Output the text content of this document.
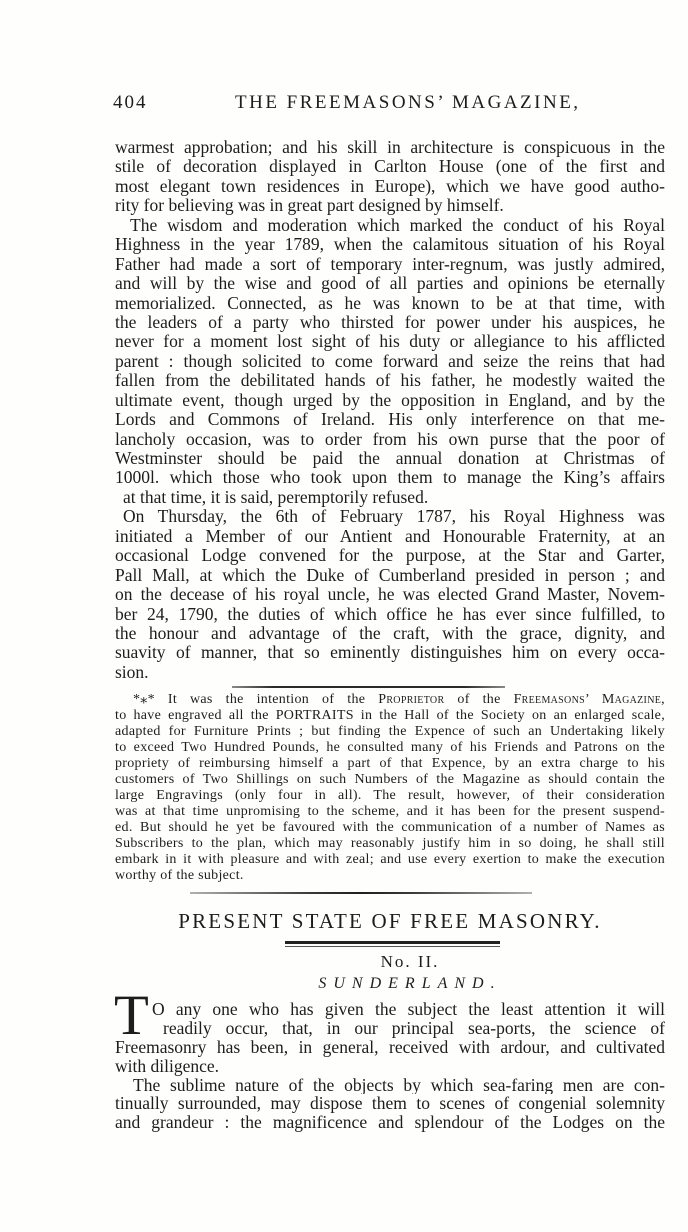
404	THE FREEMASONS’ MAGAZINE,
warmest approbation; and his skill in architecture is conspicuous in the
stile of decoration displayed in Carlton House (one of the first and
most elegant town residences in Europe), which we have good autho-
rity for believing was in great part designed by himself.
The wisdom and moderation which marked the conduct of his Royal
Highness in the year 1789, when the calamitous situation of his Royal
Father had made a sort of temporary inter-regnum, was justly admired,
and will by the wise and good of all parties and opinions be eternally
memorialized. Connected, as he was known to be at that time, with
the leaders of a party who thirsted for power under his auspices, he
never for a moment lost sight of his duty or allegiance to his afflicted
parent : though solicited to come forward and seize the reins that had
fallen from the debilitated hands of his father, he modestly waited the
ultimate event, though urged by the opposition in England, and by the
Lords and Commons of Ireland. His only interference on that me-
lancholy occasion, was to order from his own purse that the poor of
Westminster should be paid the annual donation at Christmas of
1000l. which those who took upon them to manage the King’s affairs
at that time, it is said, peremptorily refused.
On Thursday, the 6th of February 1787, his Royal Highness was
initiated a Member of our Antient and Honourable Fraternity, at an
occasional Lodge convened for the purpose, at the Star and Garter,
Pall Mall, at which the Duke of Cumberland presided in person ; and
on the decease of his royal uncle, he was elected Grand Master, Novem-
ber 24, 1790, the duties of which office he has ever since fulfilled, to
the honour and advantage of the craft, with the grace, dignity, and
suavity of manner, that so eminently distinguishes him on every occa-
sion.
*⁎* It was the intention of the Proprietor of the Freemasons’ Magazine,
to have engraved all the PORTRAITS in the Hall of the Society on an enlarged scale,
adapted for Furniture Prints ; but finding the Expence of such an Undertaking likely
to exceed Two Hundred Pounds, he consulted many of his Friends and Patrons on the
propriety of reimbursing himself a part of that Expence, by an extra charge to his
customers of Two Shillings on such Numbers of the Magazine as should contain the
large Engravings (only four in all). The result, however, of their consideration
was at that time unpromising to the scheme, and it has been for the present suspend-
ed. But should he yet be favoured with the communication of a number of Names as
Subscribers to the plan, which may reasonably justify him in so doing, he shall still
embark in it with pleasure and with zeal; and use every exertion to make the execution
worthy of the subject.
PRESENT STATE OF FREE MASONRY.
No. II.
SUNDERLAND.
T O any one who has given the subject the least attention it will
readily occur, that, in our principal sea-ports, the science of
Freemasonry has been, in general, received with ardour, and cultivated
with diligence.
The sublime nature of the objects by which sea-faring men are con-
tinually surrounded, may dispose them to scenes of congenial solemnity
and grandeur : the magnificence and splendour of the Lodges on the
